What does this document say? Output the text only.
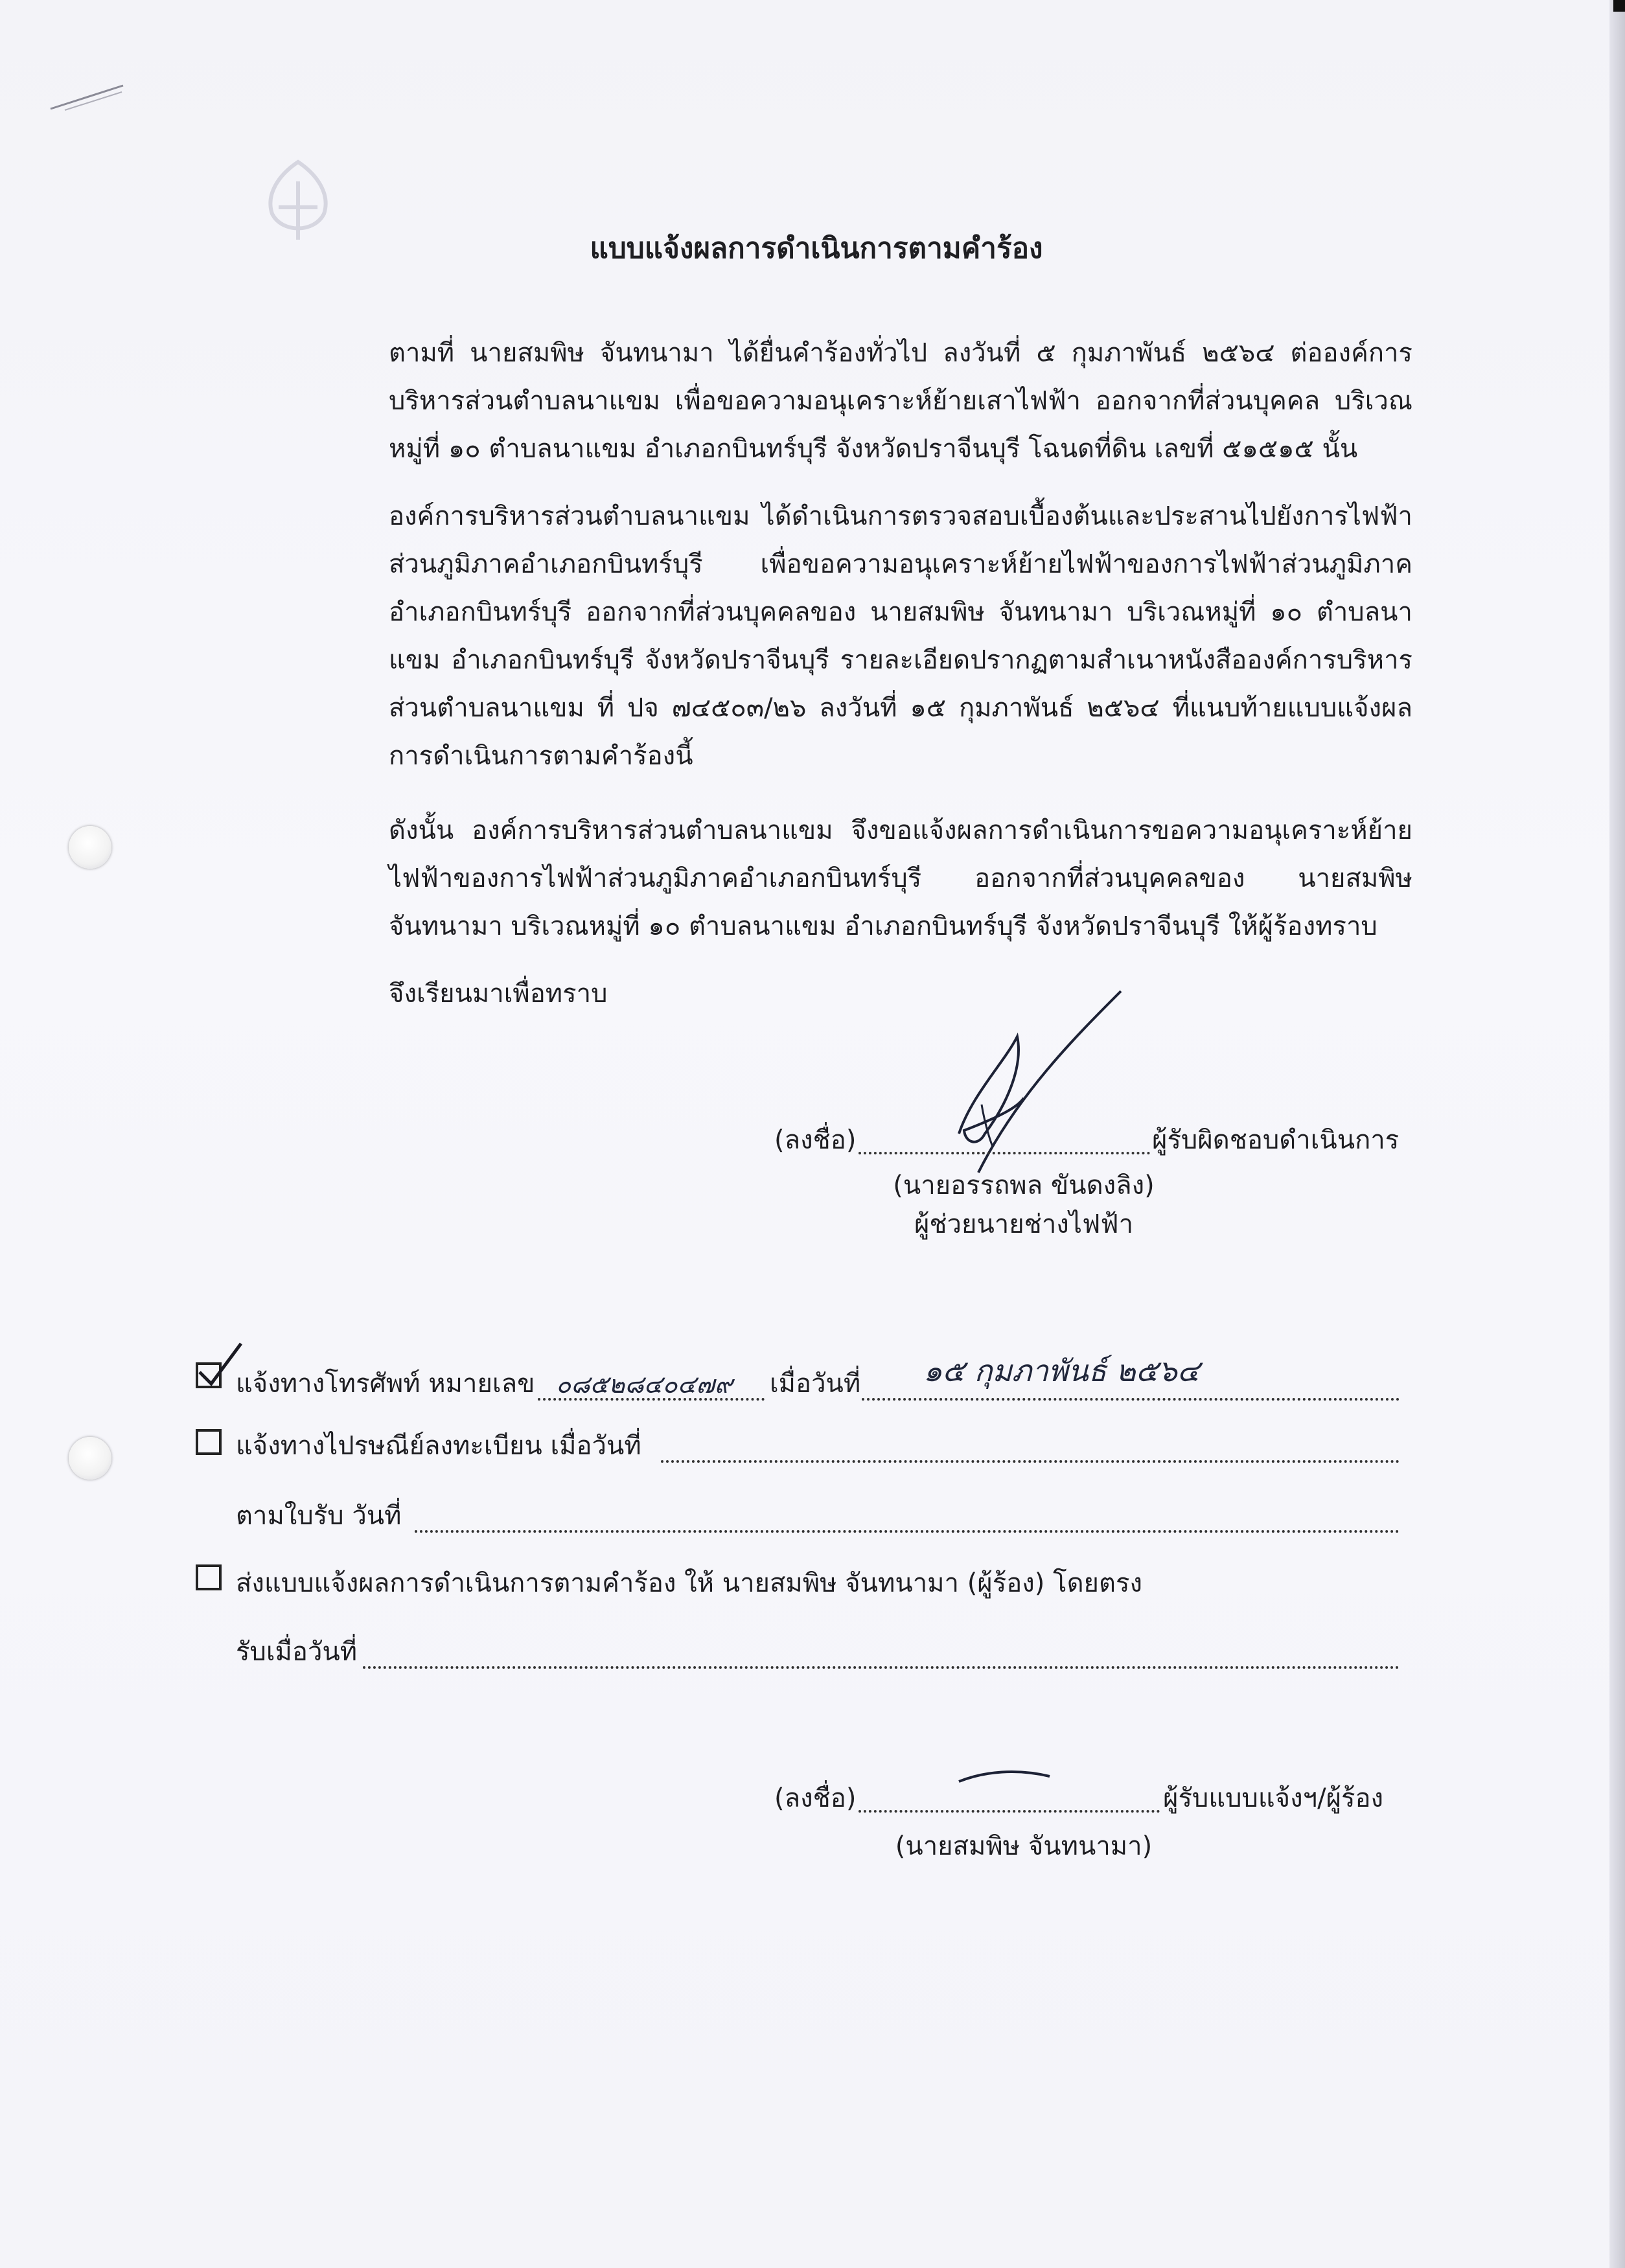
แบบแจ้งผลการดำเนินการตามคำร้อง
ตามที่ นายสมพิษ จันทนามา ได้ยื่นคำร้องทั่วไป ลงวันที่ ๕ กุมภาพันธ์ ๒๕๖๔ ต่อองค์การบริหารส่วนตำบลนาแขม เพื่อขอความอนุเคราะห์ย้ายเสาไฟฟ้า ออกจากที่ส่วนบุคคล บริเวณ หมู่ที่ ๑๐ ตำบลนาแขม อำเภอกบินทร์บุรี จังหวัดปราจีนบุรี โฉนดที่ดิน เลขที่ ๕๑๕๑๕ นั้น
องค์การบริหารส่วนตำบลนาแขม ได้ดำเนินการตรวจสอบเบื้องต้นและประสานไปยังการไฟฟ้าส่วนภูมิภาคอำเภอกบินทร์บุรี เพื่อขอความอนุเคราะห์ย้ายไฟฟ้าของการไฟฟ้าส่วนภูมิภาคอำเภอกบินทร์บุรี ออกจากที่ส่วนบุคคลของ นายสมพิษ จันทนามา บริเวณหมู่ที่ ๑๐ ตำบลนาแขม อำเภอกบินทร์บุรี จังหวัดปราจีนบุรี รายละเอียดปรากฏตามสำเนาหนังสือองค์การบริหารส่วนตำบลนาแขม ที่ ปจ ๗๔๕๐๓/๒๖ ลงวันที่ ๑๕ กุมภาพันธ์ ๒๕๖๔ ที่แนบท้ายแบบแจ้งผลการดำเนินการตามคำร้องนี้
ดังนั้น องค์การบริหารส่วนตำบลนาแขม จึงขอแจ้งผลการดำเนินการขอความอนุเคราะห์ย้ายไฟฟ้าของการไฟฟ้าส่วนภูมิภาคอำเภอกบินทร์บุรี ออกจากที่ส่วนบุคคลของ นายสมพิษ จันทนามา บริเวณหมู่ที่ ๑๐ ตำบลนาแขม อำเภอกบินทร์บุรี จังหวัดปราจีนบุรี ให้ผู้ร้องทราบ
จึงเรียนมาเพื่อทราบ
(ลงชื่อ)	ผู้รับผิดชอบดำเนินการ
(นายอรรถพล ขันดงลิง)
ผู้ช่วยนายช่างไฟฟ้า
แจ้งทางโทรศัพท์ หมายเลข ๐๘๕๒๘๔๐๔๗๙ เมื่อวันที่ ๑๕ กุมภาพันธ์ ๒๕๖๔
แจ้งทางไปรษณีย์ลงทะเบียน เมื่อวันที่
ตามใบรับ วันที่
ส่งแบบแจ้งผลการดำเนินการตามคำร้อง ให้ นายสมพิษ จันทนามา (ผู้ร้อง) โดยตรง
รับเมื่อวันที่
(ลงชื่อ)	ผู้รับแบบแจ้งฯ/ผู้ร้อง
(นายสมพิษ จันทนามา)
